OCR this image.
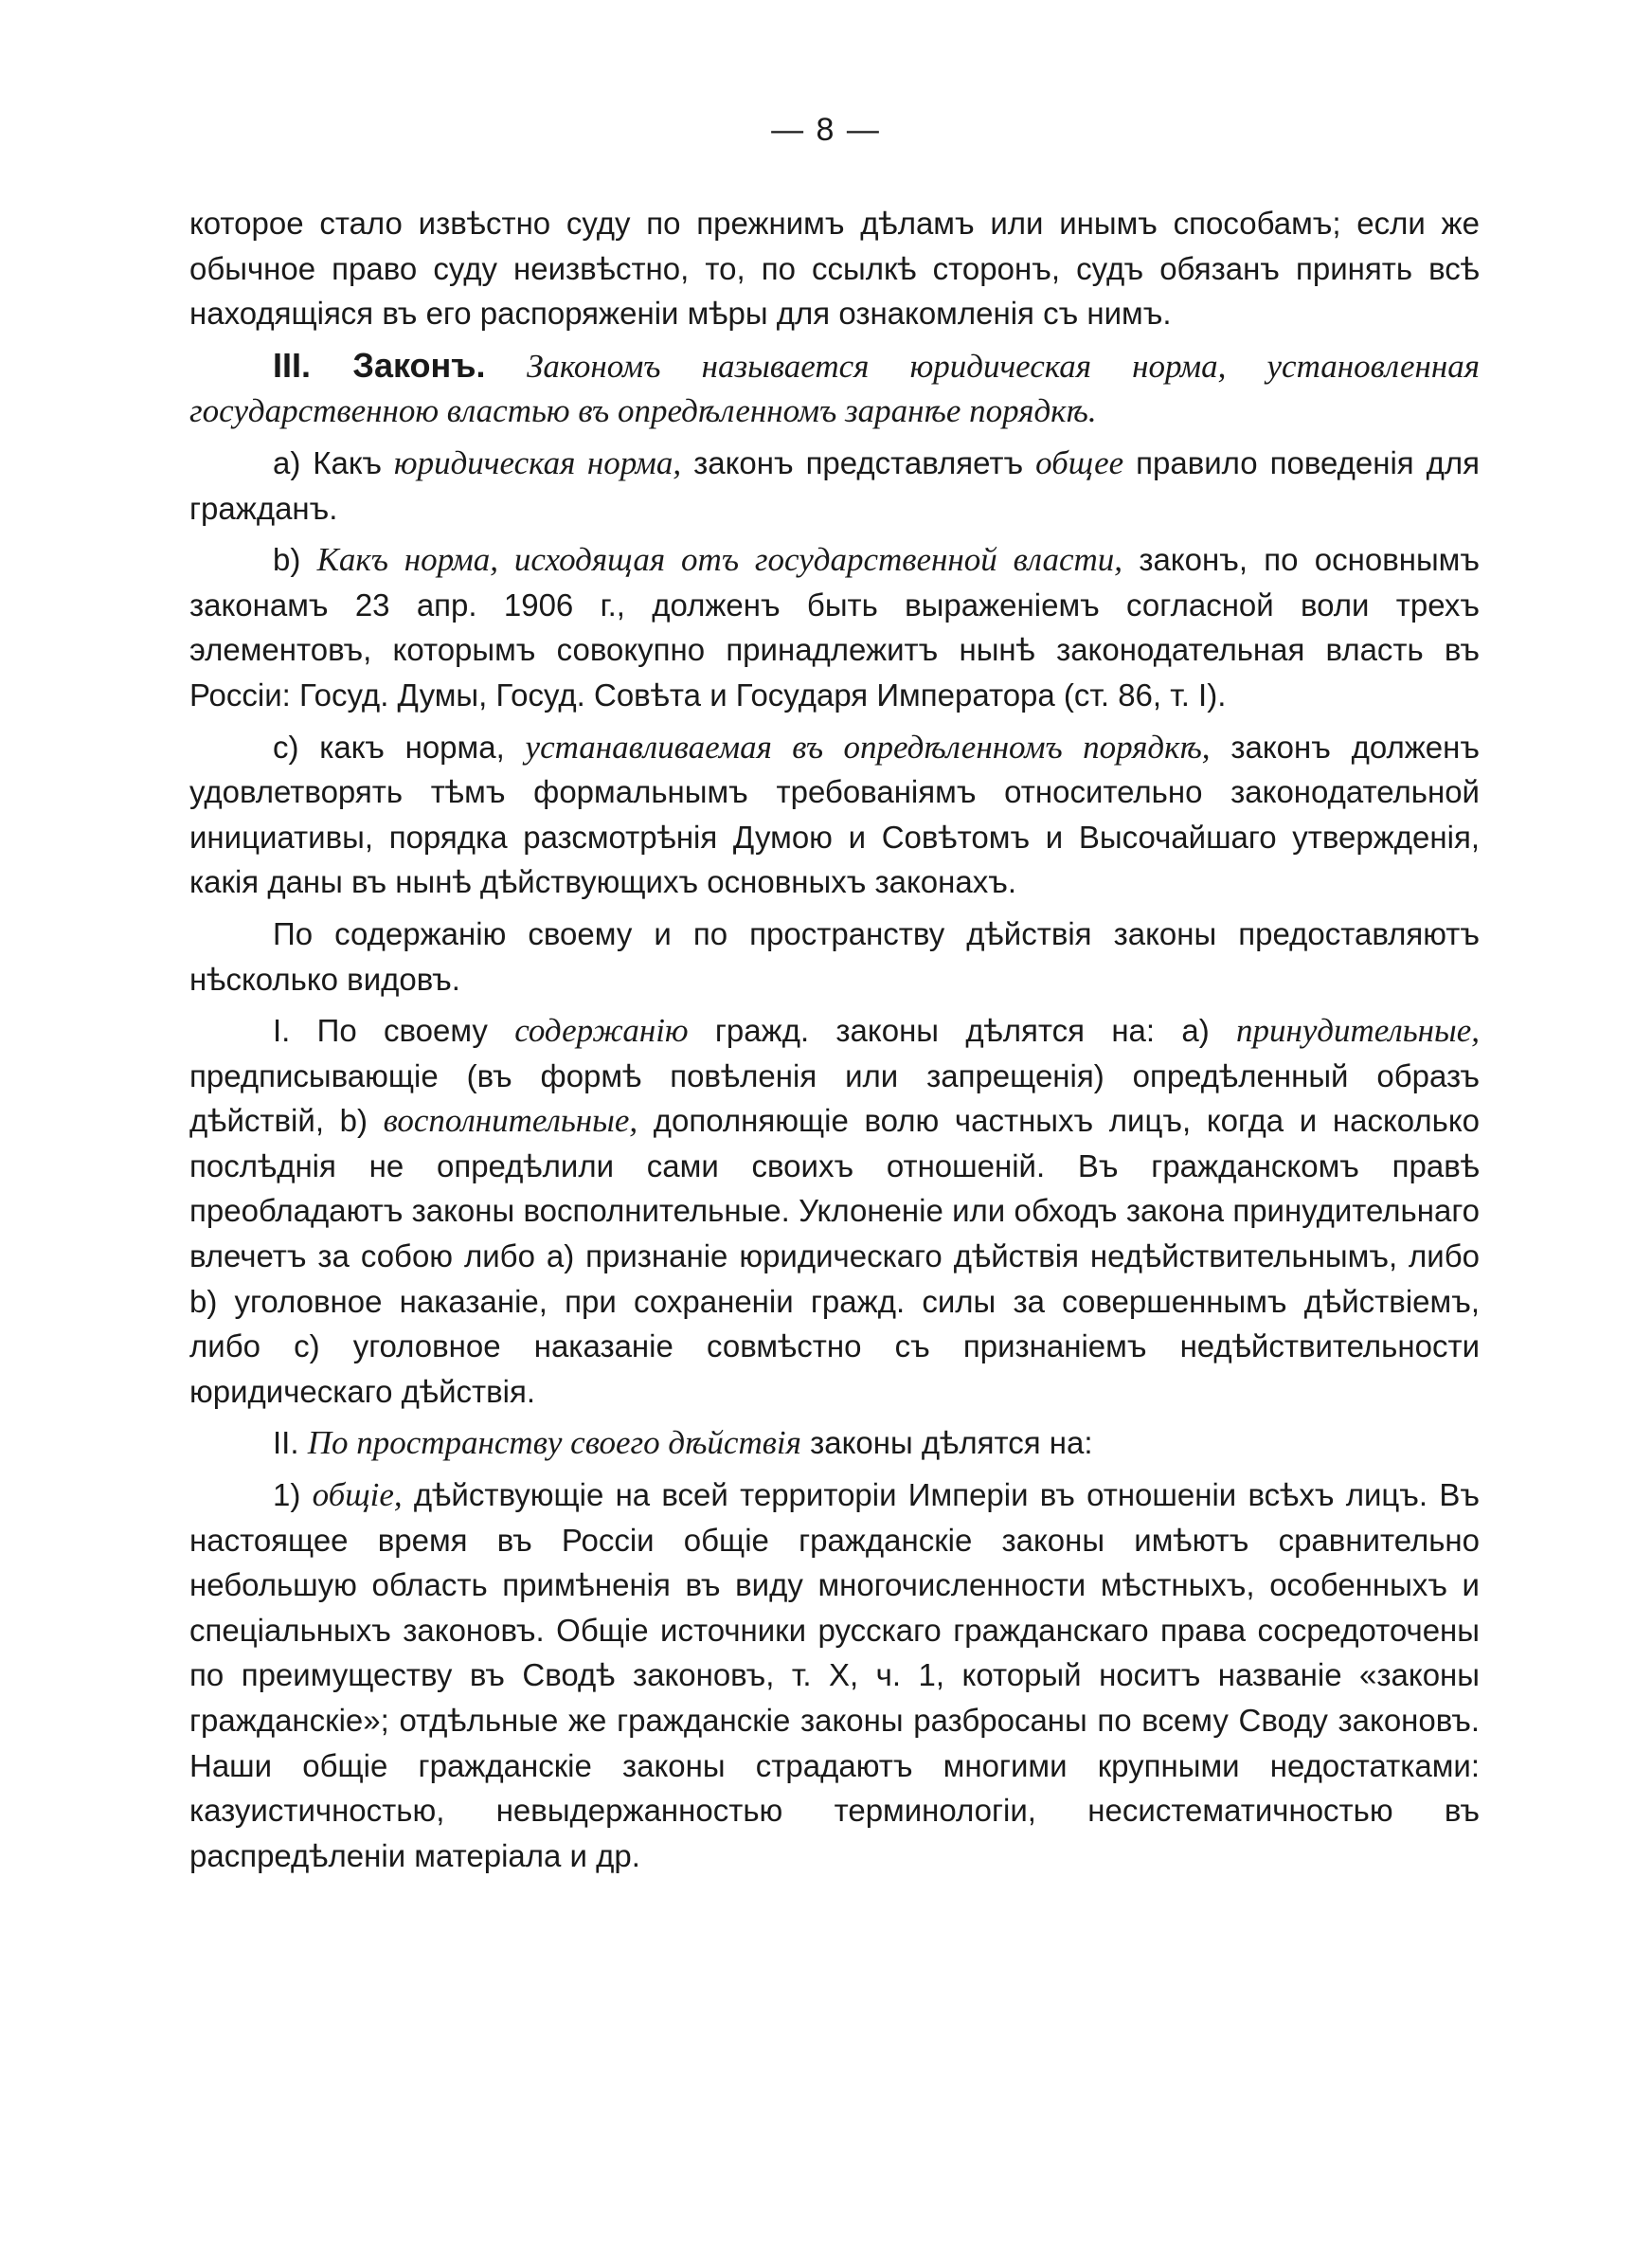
— 8 —

которое стало извѣстно суду по прежнимъ дѣламъ или инымъ способамъ; если же обычное право суду неизвѣстно, то, по ссылкѣ сторонъ, судъ обязанъ принять всѣ находящіяся въ его распоряженіи мѣры для ознакомленія съ нимъ.

III. Законъ. Закономъ называется юридическая норма, установленная государственною властью въ опредѣленномъ заранѣе порядкѣ.

а) Какъ юридическая норма, законъ представляетъ общее правило поведенія для гражданъ.

b) Какъ норма, исходящая отъ государственной власти, законъ, по основнымъ законамъ 23 апр. 1906 г., долженъ быть выраженіемъ согласной воли трехъ элементовъ, которымъ совокупно принадлежитъ нынѣ законодательная власть въ Россіи: Госуд. Думы, Госуд. Совѣта и Государя Императора (ст. 86, т. I).

с) какъ норма, устанавливаемая въ опредѣленномъ порядкѣ, законъ долженъ удовлетворять тѣмъ формальнымъ требованіямъ относительно законодательной инициативы, порядка разсмотрѣнія Думою и Совѣтомъ и Высочайшаго утвержденія, какія даны въ нынѣ дѣйствующихъ основныхъ законахъ.

По содержанію своему и по пространству дѣйствія законы предоставляютъ нѣсколько видовъ.

I. По своему содержанію гражд. законы дѣлятся на: а) принудительные, предписывающіе (въ формѣ повѣленія или запрещенія) опредѣленный образъ дѣйствій, b) восполнительные, дополняющіе волю частныхъ лицъ, когда и насколько послѣднія не опредѣлили сами своихъ отношеній. Въ гражданскомъ правѣ преобладаютъ законы восполнительные. Уклоненіе или обходъ закона принудительнаго влечетъ за собою либо а) признаніе юридическаго дѣйствія недѣйствительнымъ, либо b) уголовное наказаніе, при сохраненіи гражд. силы за совершеннымъ дѣйствіемъ, либо с) уголовное наказаніе совмѣстно съ признаніемъ недѣйствительности юридическаго дѣйствія.

II. По пространству своего дѣйствія законы дѣлятся на:

1) общіе, дѣйствующіе на всей территоріи Имперіи въ отношеніи всѣхъ лицъ. Въ настоящее время въ Россіи общіе гражданскіе законы имѣютъ сравнительно небольшую область примѣненія въ виду многочисленности мѣстныхъ, особенныхъ и спеціальныхъ законовъ. Общіе источники русскаго гражданскаго права сосредоточены по преимуществу въ Сводѣ законовъ, т. X, ч. 1, который носитъ названіе «законы гражданскіе»; отдѣльные же гражданскіе законы разбросаны по всему Своду законовъ. Наши общіе гражданскіе законы страдаютъ многими крупными недостатками: казуистичностью, невыдержанностью терминологіи, несистематичностью въ распредѣленіи матеріала и др.
